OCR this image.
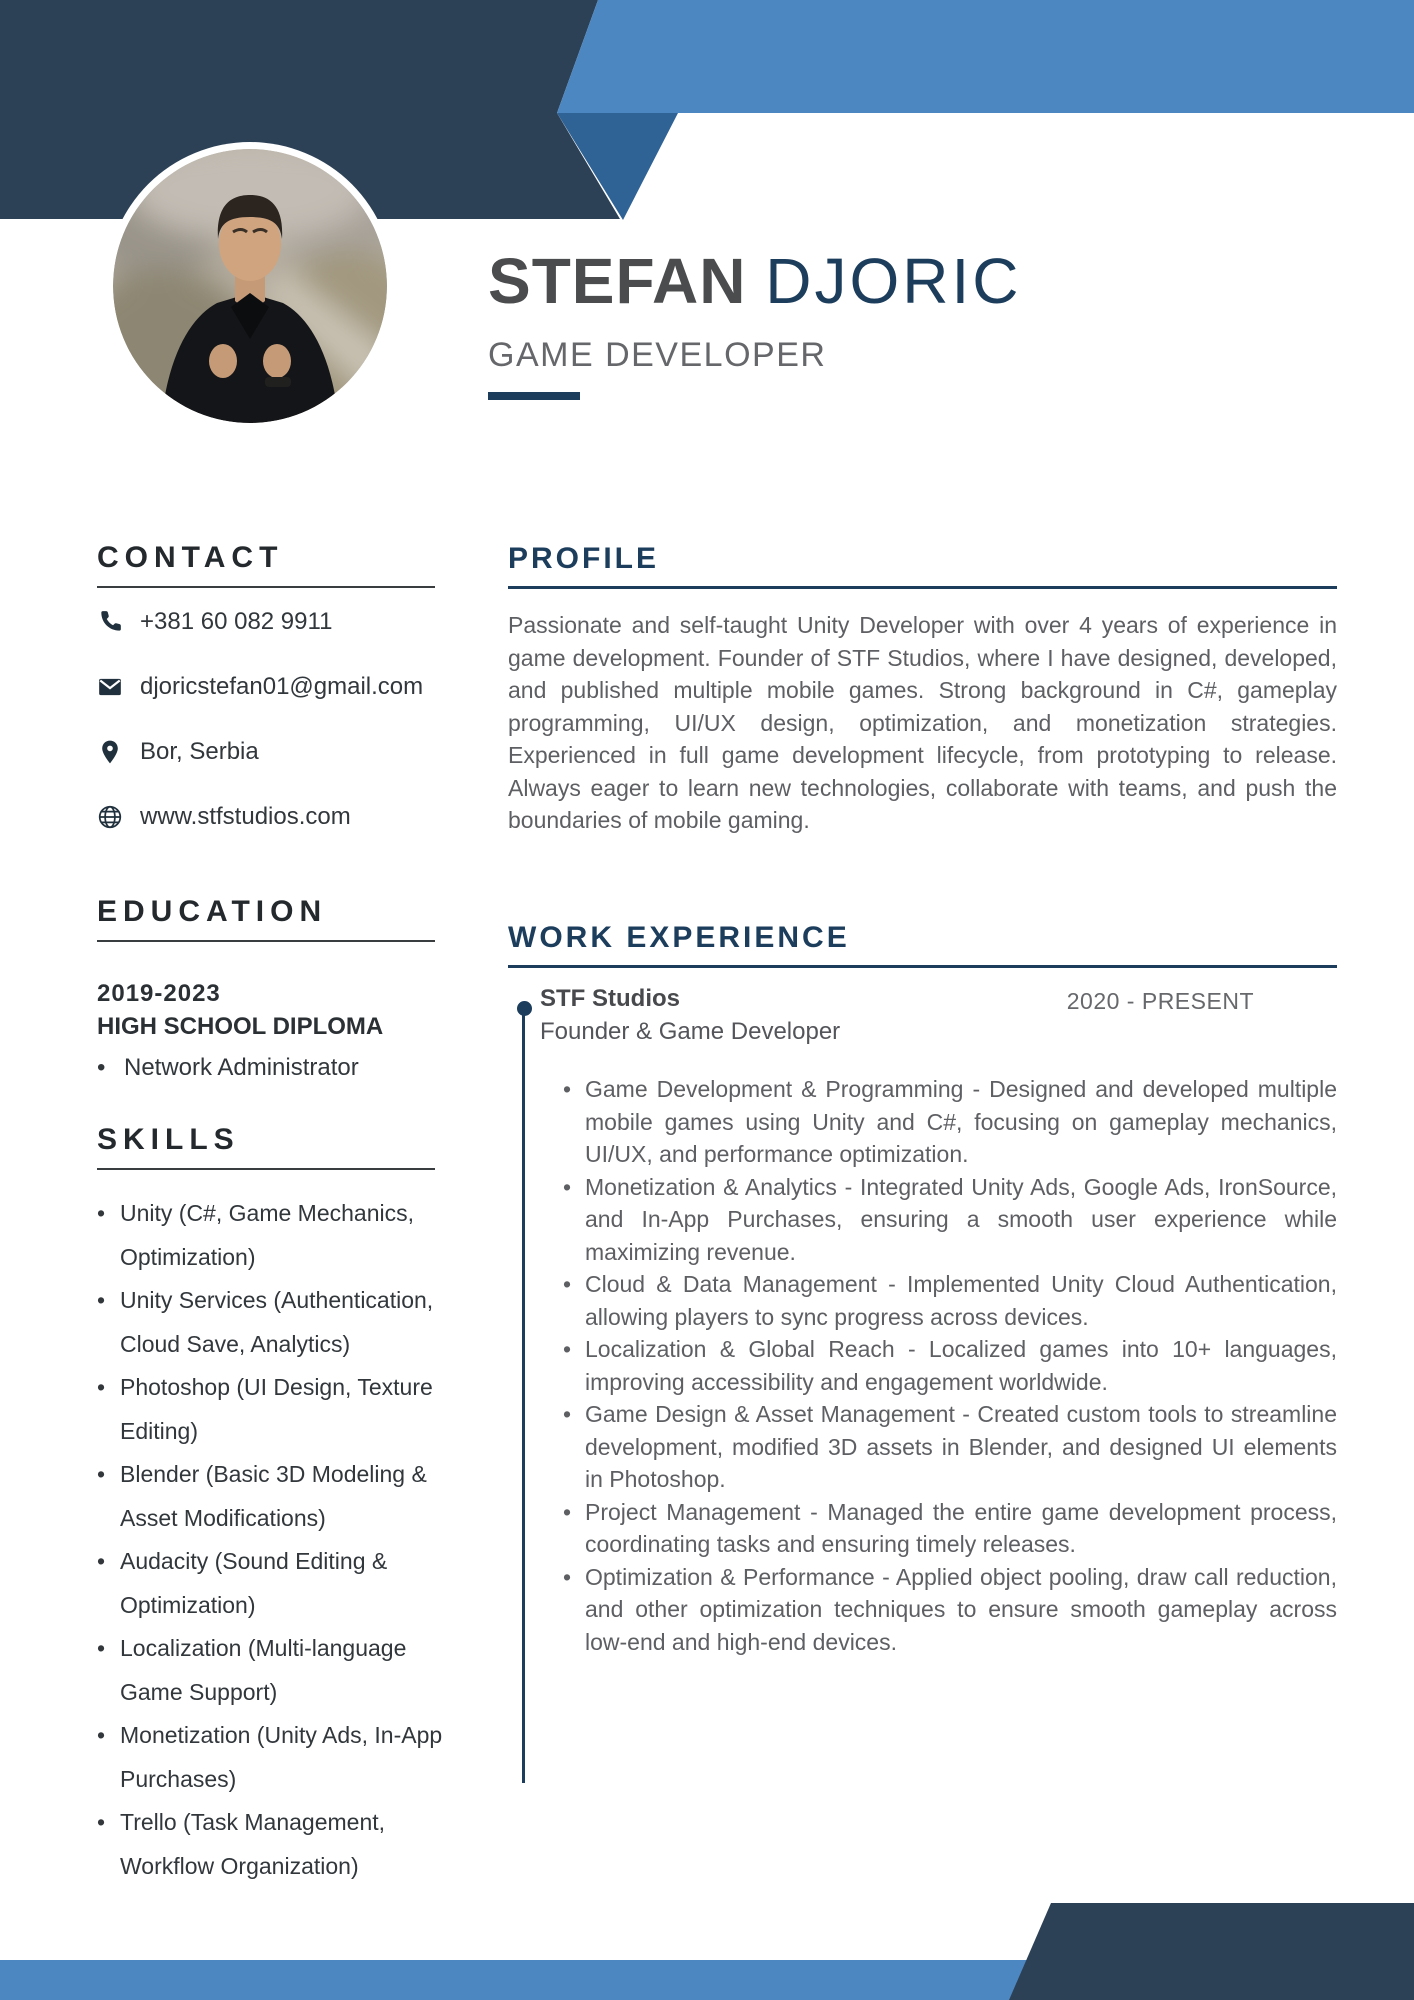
STEFAN DJORIC
GAME DEVELOPER
CONTACT
+381 60 082 9911
djoricstefan01@gmail.com
Bor, Serbia
www.stfstudios.com
EDUCATION
2019-2023
HIGH SCHOOL DIPLOMA
• Network Administrator
SKILLS
• Unity (C#, Game Mechanics, Optimization)
• Unity Services (Authentication, Cloud Save, Analytics)
• Photoshop (UI Design, Texture Editing)
• Blender (Basic 3D Modeling & Asset Modifications)
• Audacity (Sound Editing & Optimization)
• Localization (Multi-language Game Support)
• Monetization (Unity Ads, In-App Purchases)
• Trello (Task Management, Workflow Organization)
PROFILE

Passionate and self-taught Unity Developer with over 4 years of experience in game development. Founder of STF Studios, where I have designed, developed, and published multiple mobile games. Strong background in C#, gameplay programming, UI/UX design, optimization, and monetization strategies. Experienced in full game development lifecycle, from prototyping to release. Always eager to learn new technologies, collaborate with teams, and push the boundaries of mobile gaming.

WORK EXPERIENCE
STF Studios	2020 - PRESENT
Founder & Game Developer
• Game Development & Programming - Designed and developed multiple mobile games using Unity and C#, focusing on gameplay mechanics, UI/UX, and performance optimization.
• Monetization & Analytics - Integrated Unity Ads, Google Ads, IronSource, and In-App Purchases, ensuring a smooth user experience while maximizing revenue.
• Cloud & Data Management - Implemented Unity Cloud Authentication, allowing players to sync progress across devices.
• Localization & Global Reach - Localized games into 10+ languages, improving accessibility and engagement worldwide.
• Game Design & Asset Management - Created custom tools to streamline development, modified 3D assets in Blender, and designed UI elements in Photoshop.
• Project Management - Managed the entire game development process, coordinating tasks and ensuring timely releases.
• Optimization & Performance - Applied object pooling, draw call reduction, and other optimization techniques to ensure smooth gameplay across low-end and high-end devices.
